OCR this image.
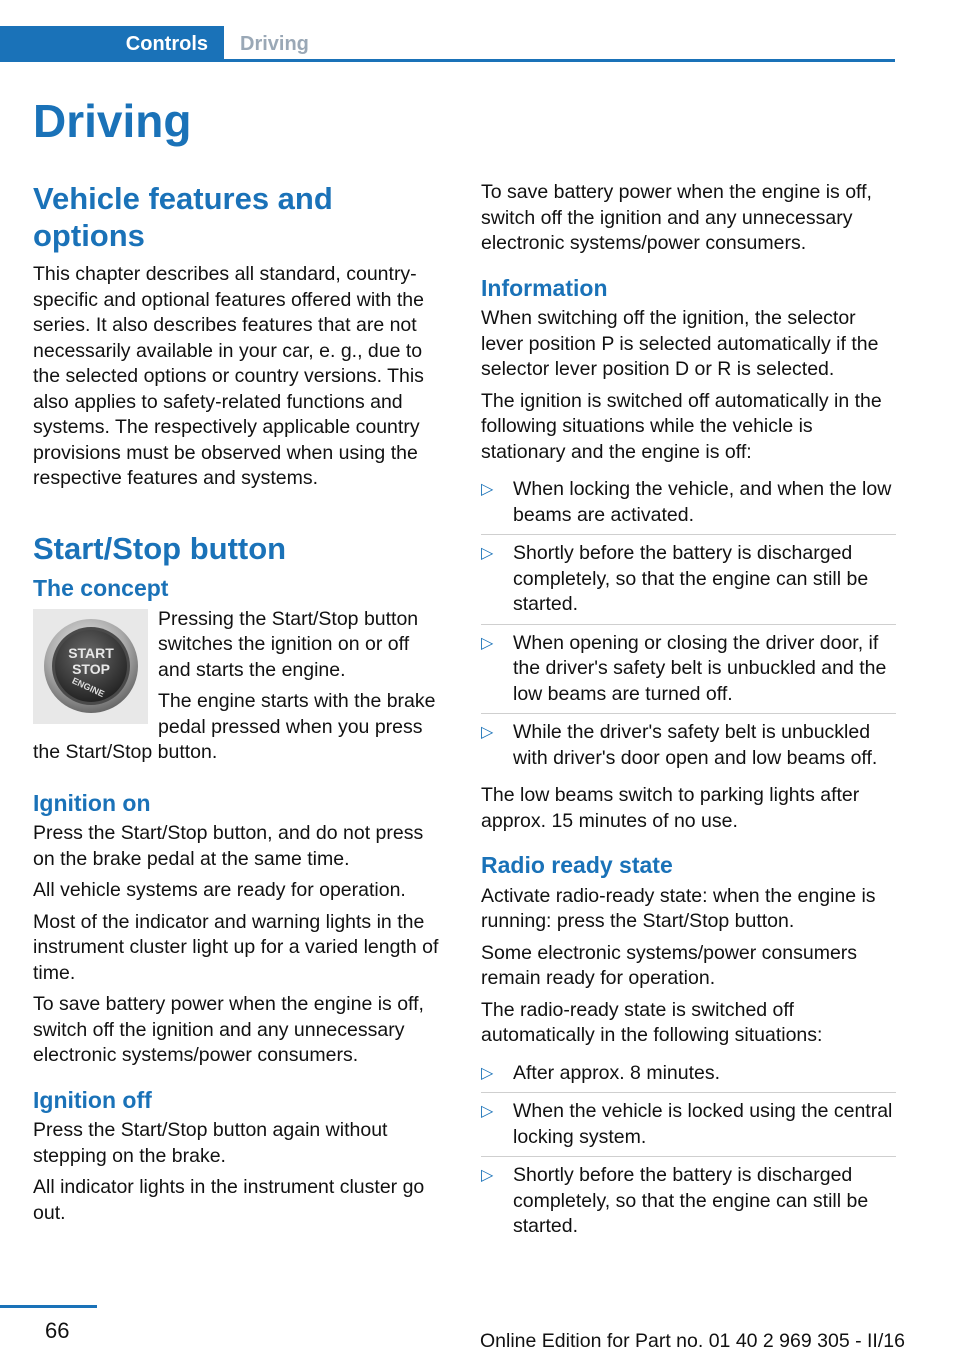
Controls	Driving
Driving
Vehicle features and options

This chapter describes all standard, country-specific and optional features offered with the series. It also describes features that are not necessarily available in your car, e. g., due to the selected options or country versions. This also applies to safety-related functions and systems. The respectively applicable country provisions must be observed when using the respective features and systems.

Start/Stop button
The concept
START
STOP
ENGINE

Pressing the Start/Stop button switches the ignition on or off and starts the engine.

The engine starts with the brake pedal pressed when you press the Start/Stop button.

Ignition on

Press the Start/Stop button, and do not press on the brake pedal at the same time.

All vehicle systems are ready for operation.

Most of the indicator and warning lights in the instrument cluster light up for a varied length of time.

To save battery power when the engine is off, switch off the ignition and any unnecessary electronic systems/power consumers.

Ignition off

Press the Start/Stop button again without stepping on the brake.

All indicator lights in the instrument cluster go out.

To save battery power when the engine is off, switch off the ignition and any unnecessary electronic systems/power consumers.

Information

When switching off the ignition, the selector lever position P is selected automatically if the selector lever position D or R is selected.

The ignition is switched off automatically in the following situations while the vehicle is stationary and the engine is off:

▷ When locking the vehicle, and when the low beams are activated.
▷ Shortly before the battery is discharged completely, so that the engine can still be started.
▷ When opening or closing the driver door, if the driver's safety belt is unbuckled and the low beams are turned off.
▷ While the driver's safety belt is unbuckled with driver's door open and low beams off.

The low beams switch to parking lights after approx. 15 minutes of no use.

Radio ready state

Activate radio-ready state: when the engine is running: press the Start/Stop button.

Some electronic systems/power consumers remain ready for operation.

The radio-ready state is switched off automatically in the following situations:

▷ After approx. 8 minutes.
▷ When the vehicle is locked using the central locking system.
▷ Shortly before the battery is discharged completely, so that the engine can still be started.
66	Online Edition for Part no. 01 40 2 969 305 - II/16
